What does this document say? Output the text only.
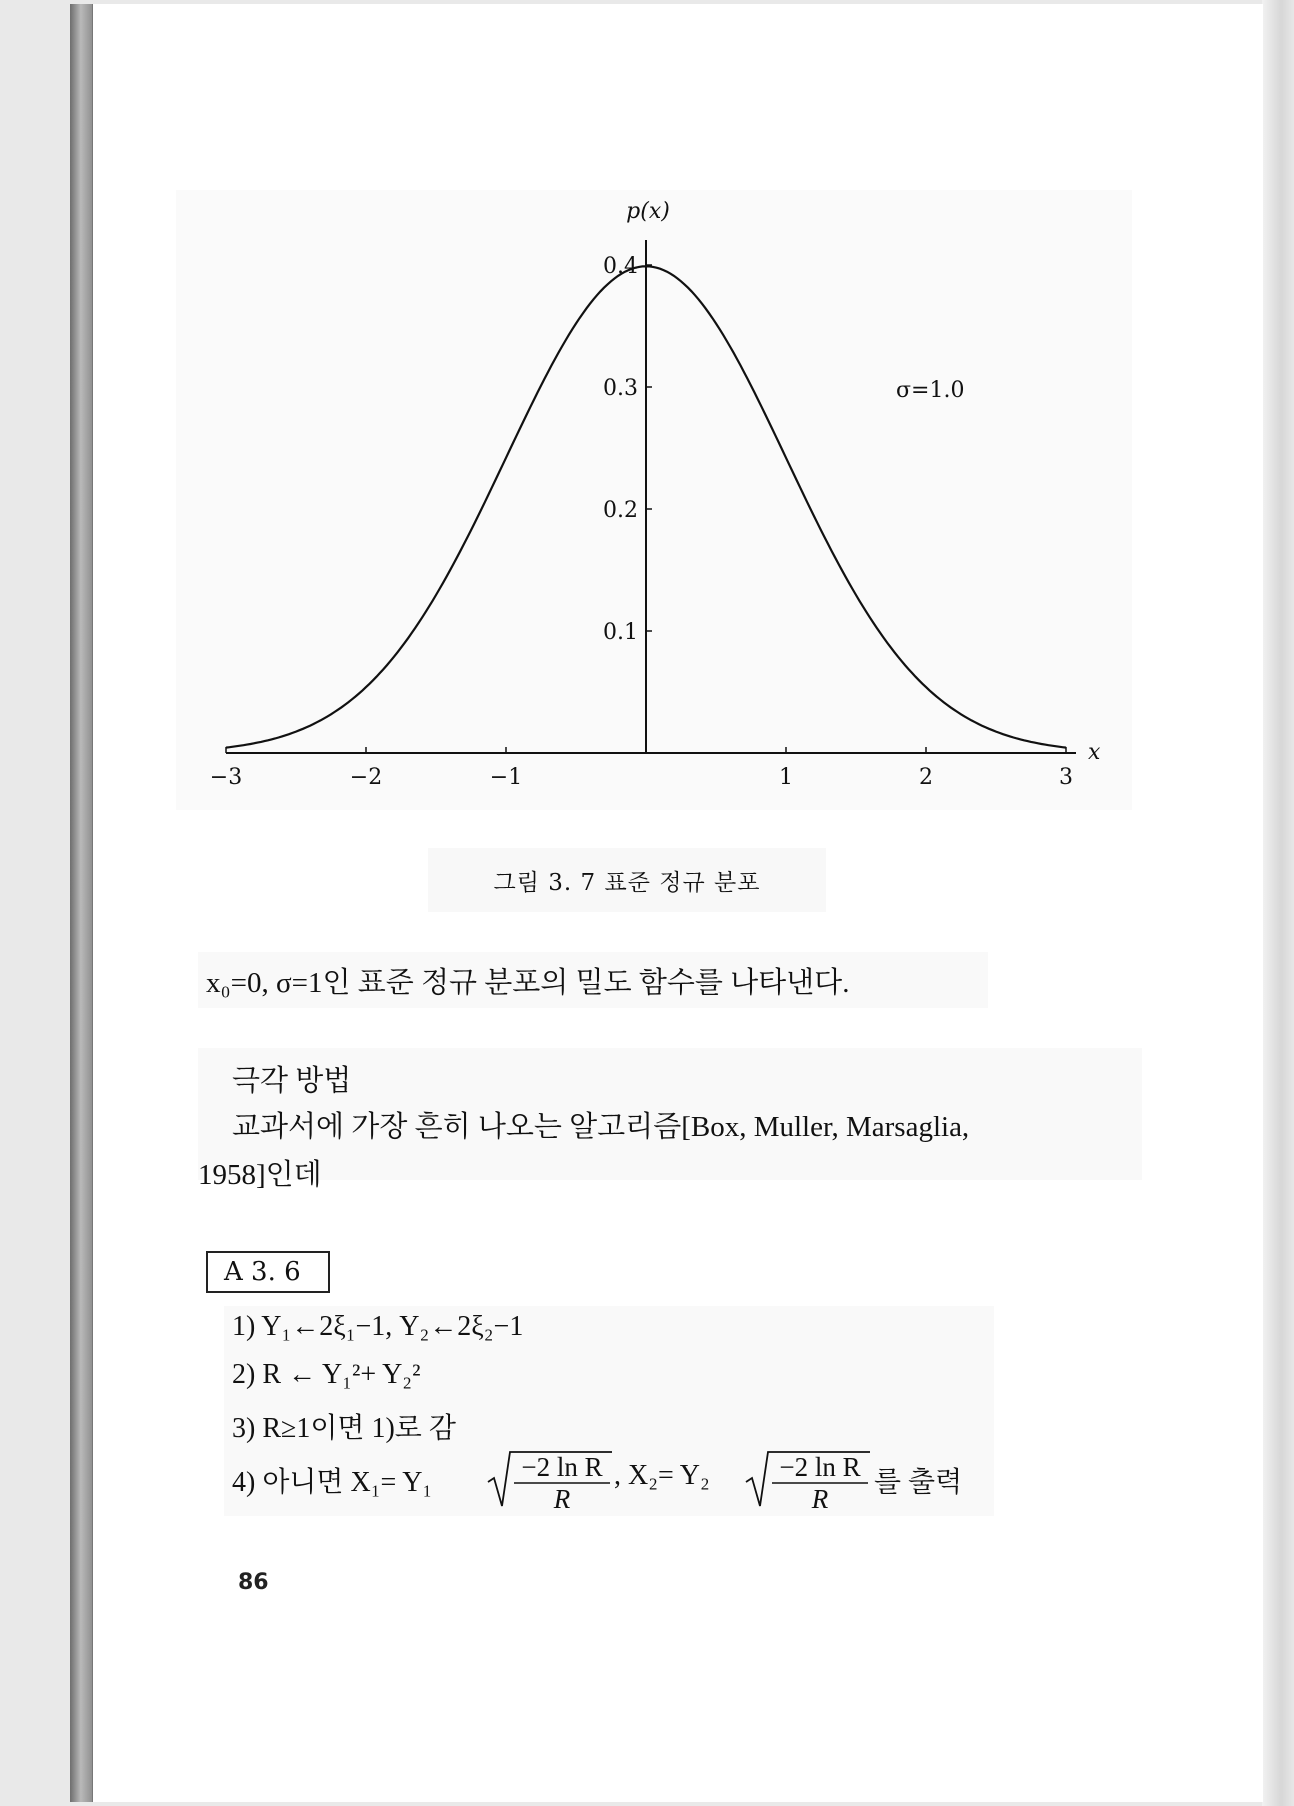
−3	−2	−1	1	2	3
0.1
0.2
0.3
0.4
p(x)
x
σ=1.0
그림 3. 7 표준 정규 분포
x₀=0, σ=1인 표준 정규 분포의 밀도 함수를 나타낸다.
극각 방법
교과서에 가장 흔히 나오는 알고리즘[Box, Muller, Marsaglia,
1958]인데
A 3. 6
1) Y₁←2ξ₁−1, Y₂←2ξ₂−1
2) R ← Y₁²+ Y₂²
3) R≥1이면 1)로 감
4) 아니면 X₁= Y₁	−2 ln R
R
, X₂= Y₂	−2 ln R
R
를 출력
86
